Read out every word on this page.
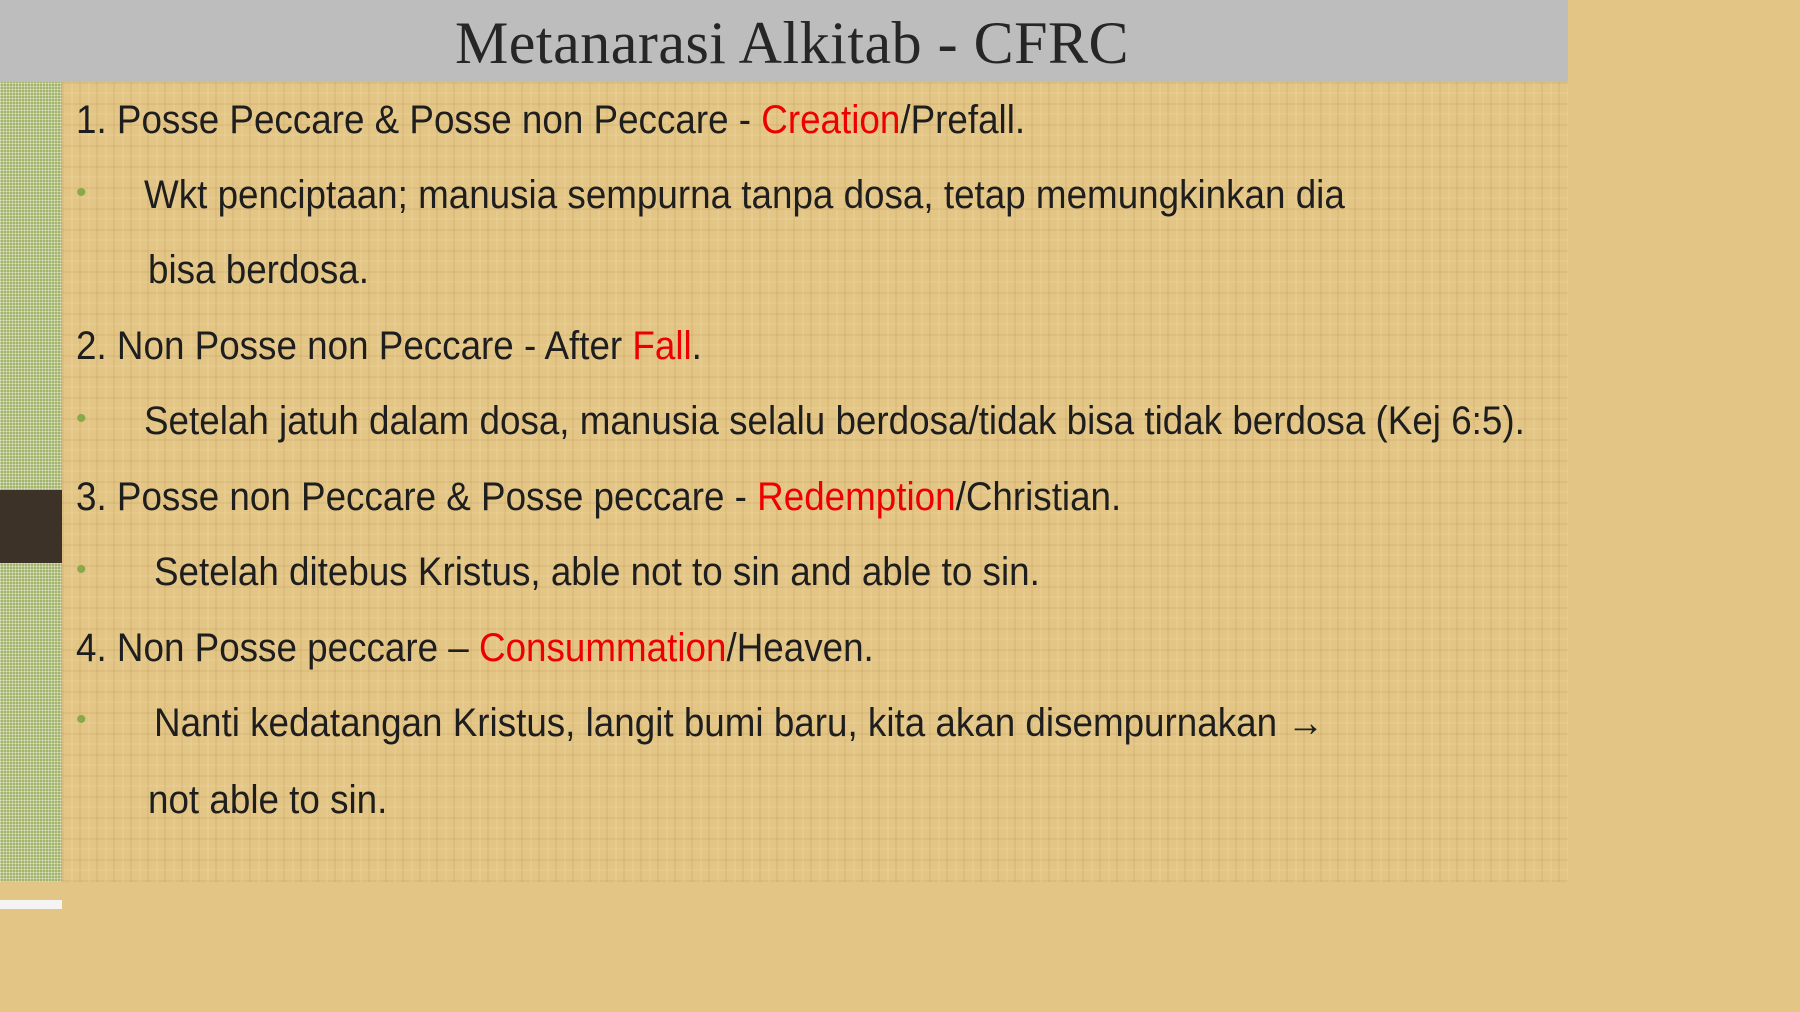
Metanarasi Alkitab - CFRC
1. Posse Peccare & Posse non Peccare - Creation/Prefall.
• Wkt penciptaan; manusia sempurna tanpa dosa, tetap memungkinkan dia
bisa berdosa.
2. Non Posse non Peccare - After Fall.
• Setelah jatuh dalam dosa, manusia selalu berdosa/tidak bisa tidak berdosa (Kej 6:5).
3. Posse non Peccare & Posse peccare - Redemption/Christian.
• Setelah ditebus Kristus, able not to sin and able to sin.
4. Non Posse peccare – Consummation/Heaven.
• Nanti kedatangan Kristus, langit bumi baru, kita akan disempurnakan →
not able to sin.
